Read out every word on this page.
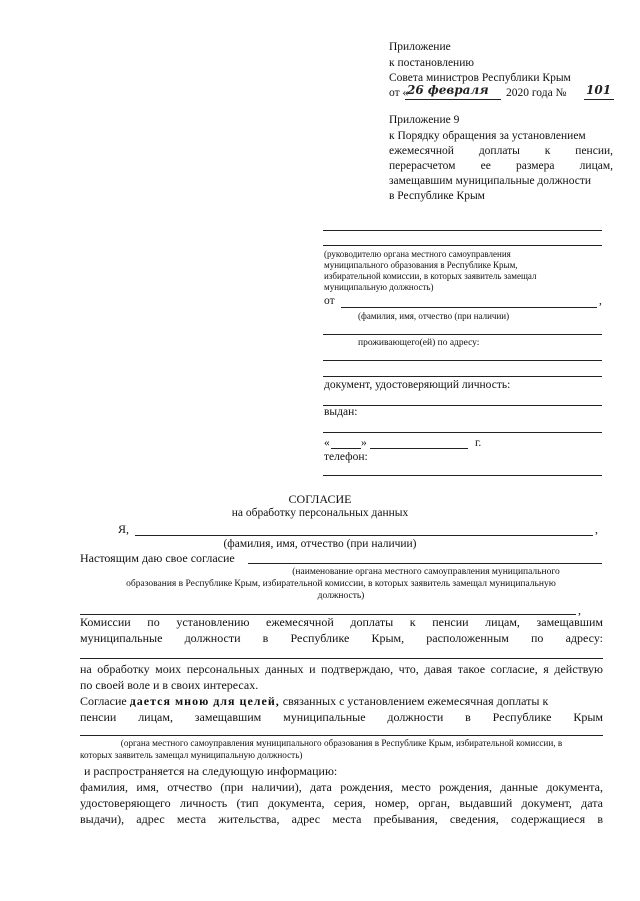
Приложение
к постановлению
Совета министров Республики Крым
от «
26 февраля 2020 года № 101
Приложение 9
к Порядку обращения за установлением
ежемесячной доплаты к пенсии,
перерасчетом ее размера лицам,
замещавшим муниципальные должности
в Республике Крым
(руководителю органа местного самоуправления
муниципального образования в Республике Крым,
избирательной комиссии, в которых заявитель замещал
муниципальную должность)
от	,
(фамилия, имя, отчество (при наличии)
проживающего(ей) по адресу:
документ, удостоверяющий личность:
выдан:
«	»	г.
телефон:
СОГЛАСИЕ
на обработку персональных данных
Я,	,
(фамилия, имя, отчество (при наличии)
Настоящим даю свое согласие
(наименование органа местного самоуправления муниципального
образования в Республике Крым, избирательной комиссии, в которых заявитель замещал муниципальную
должность)
,
Комиссии по установлению ежемесячной доплаты к пенсии лицам, замещавшим
муниципальные должности в Республике Крым, расположенным по адресу:
на обработку моих персональных данных и подтверждаю, что, давая такое согласие, я действую
по своей воле и в своих интересах.
Согласие дается мною для целей, связанных с установлением ежемесячная доплаты к
пенсии лицам, замещавшим муниципальные должности в Республике Крым
(органа местного самоуправления муниципального образования в Республике Крым, избирательной комиссии, в
которых заявитель замещал муниципальную должность)
и распространяется на следующую информацию:
фамилия, имя, отчество (при наличии), дата рождения, место рождения, данные документа,
удостоверяющего личность (тип документа, серия, номер, орган, выдавший документ, дата
выдачи), адрес места жительства, адрес места пребывания, сведения, содержащиеся в
